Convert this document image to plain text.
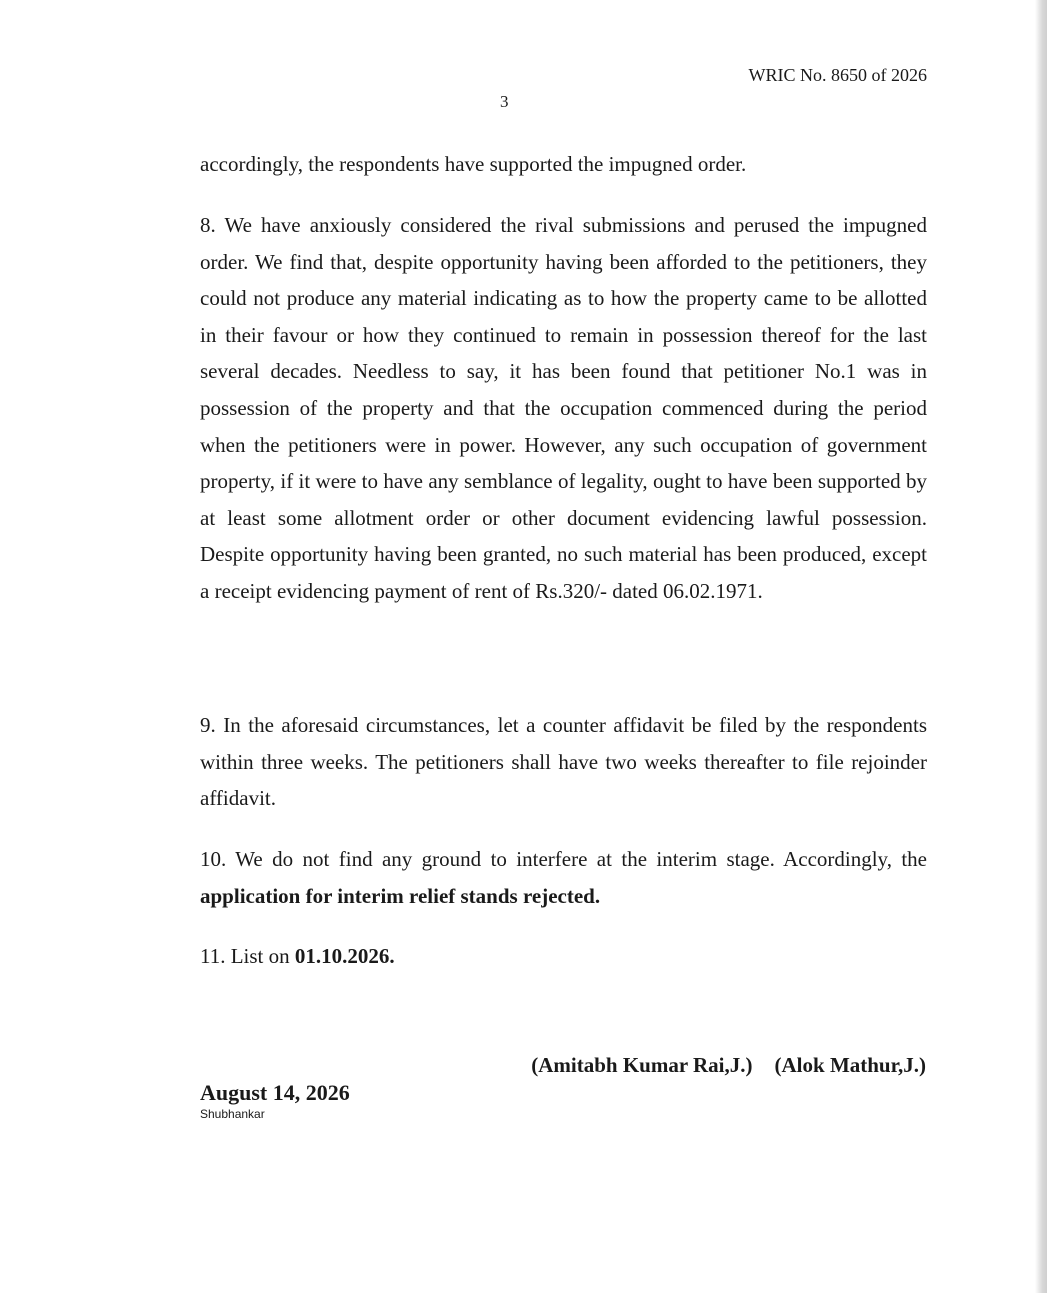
WRIC No. 8650 of 2026
3

accordingly, the respondents have supported the impugned order.

8. We have anxiously considered the rival submissions and perused the impugned order. We find that, despite opportunity having been afforded to the petitioners, they could not produce any material indicating as to how the property came to be allotted in their favour or how they continued to remain in possession thereof for the last several decades. Needless to say, it has been found that petitioner No.1 was in possession of the property and that the occupation commenced during the period when the petitioners were in power. However, any such occupation of government property, if it were to have any semblance of legality, ought to have been supported by at least some allotment order or other document evidencing lawful possession. Despite opportunity having been granted, no such material has been produced, except a receipt evidencing payment of rent of Rs.320/- dated 06.02.1971.

9. In the aforesaid circumstances, let a counter affidavit be filed by the respondents within three weeks. The petitioners shall have two weeks thereafter to file rejoinder affidavit.

10. We do not find any ground to interfere at the interim stage. Accordingly, the application for interim relief stands rejected.

11. List on 01.10.2026.

(Amitabh Kumar Rai,J.) (Alok Mathur,J.)
August 14, 2026
Shubhankar
